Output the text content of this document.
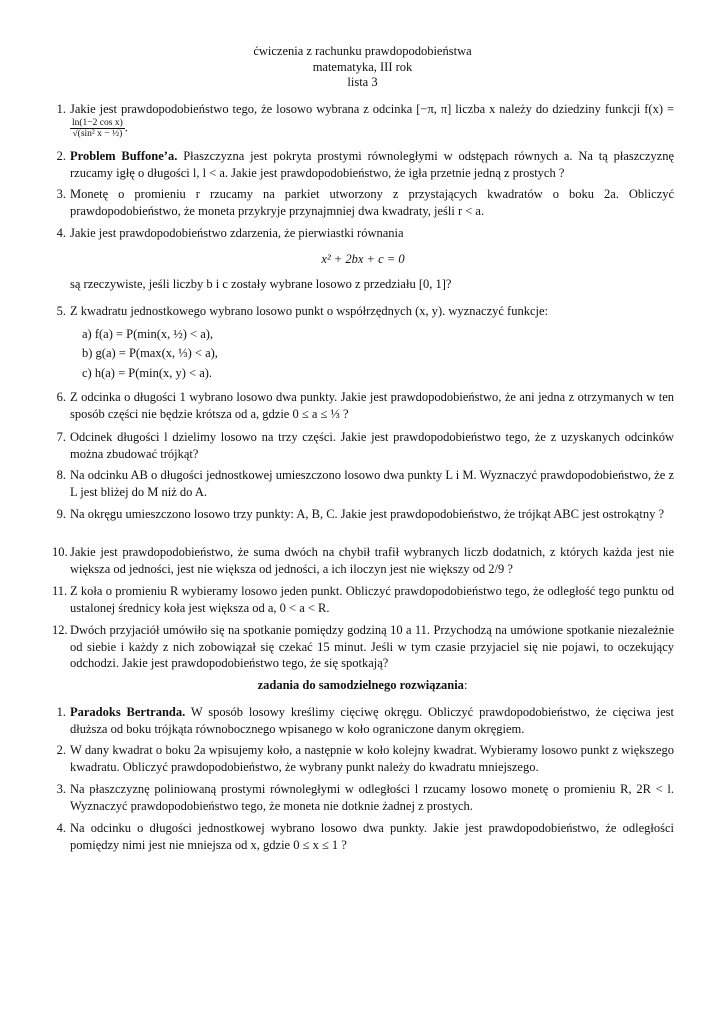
ćwiczenia z rachunku prawdopodobieństwa
matematyka, III rok
lista 3
1. Jakie jest prawdopodobieństwo tego, że losowo wybrana z odcinka [−π, π] liczba x należy do dziedziny funkcji f(x) =
$\frac{\text{ln(1−2 cos x)}}{\text{√(sin² x − ½)}}$ .
2. Problem Buffone’a. Płaszczyzna jest pokryta prostymi równoległymi w odstępach równych a. Na tą płaszczyznę rzucamy igłę o długości l, l < a. Jakie jest prawdopodobieństwo, że igła przetnie jedną z prostych ?
3. Monetę o promieniu r rzucamy na parkiet utworzony z przystających kwadratów o boku 2a. Obliczyć prawdopodobieństwo, że moneta przykryje przynajmniej dwa kwadraty, jeśli r < a.
4. Jakie jest prawdopodobieństwo zdarzenia, że pierwiastki równania
x² + 2bx + c = 0
są rzeczywiste, jeśli liczby b i c zostały wybrane losowo z przedziału [0, 1]?
5. Z kwadratu jednostkowego wybrano losowo punkt o współrzędnych (x, y). wyznaczyć funkcje:
a) f(a) = P(min(x, ½) < a),
b) g(a) = P(max(x, ⅓) < a),
c) h(a) = P(min(x, y) < a).
6. Z odcinka o długości 1 wybrano losowo dwa punkty. Jakie jest prawdopodobieństwo, że ani jedna z otrzymanych w ten sposób części nie będzie krótsza od a, gdzie 0 ≤ a ≤ ⅓ ?
7. Odcinek długości l dzielimy losowo na trzy części. Jakie jest prawdopodobieństwo tego, że z uzyskanych odcinków można zbudować trójkąt?
8. Na odcinku AB o długości jednostkowej umieszczono losowo dwa punkty L i M. Wyznaczyć prawdopodobieństwo, że z L jest bliżej do M niż do A.
9. Na okręgu umieszczono losowo trzy punkty: A, B, C. Jakie jest prawdopodobieństwo, że trójkąt ABC jest ostrokątny ?
10. Jakie jest prawdopodobieństwo, że suma dwóch na chybił trafił wybranych liczb dodatnich, z których każda jest nie większa od jedności, jest nie większa od jedności, a ich iloczyn jest nie większy od 2/9 ?
11. Z koła o promieniu R wybieramy losowo jeden punkt. Obliczyć prawdopodobieństwo tego, że odległość tego punktu od ustalonej średnicy koła jest większa od a, 0 < a < R.
12. Dwóch przyjaciół umówiło się na spotkanie pomiędzy godziną 10 a 11. Przychodzą na umówione spotkanie niezależnie od siebie i każdy z nich zobowiązał się czekać 15 minut. Jeśli w tym czasie przyjaciel się nie pojawi, to oczekujący odchodzi. Jakie jest prawdopodobieństwo tego, że się spotkają?
zadania do samodzielnego rozwiązania:
1. Paradoks Bertranda. W sposób losowy kreślimy cięciwę okręgu. Obliczyć prawdopodobieństwo, że cięciwa jest dłuższa od boku trójkąta równobocznego wpisanego w koło ograniczone danym okręgiem.
2. W dany kwadrat o boku 2a wpisujemy koło, a następnie w koło kolejny kwadrat. Wybieramy losowo punkt z większego kwadratu. Obliczyć prawdopodobieństwo, że wybrany punkt należy do kwadratu mniejszego.
3. Na płaszczyznę poliniowaną prostymi równoległymi w odległości l rzucamy losowo monetę o promieniu R, 2R < l. Wyznaczyć prawdopodobieństwo tego, że moneta nie dotknie żadnej z prostych.
4. Na odcinku o długości jednostkowej wybrano losowo dwa punkty. Jakie jest prawdopodobieństwo, że odległości pomiędzy nimi jest nie mniejsza od x, gdzie 0 ≤ x ≤ 1 ?
